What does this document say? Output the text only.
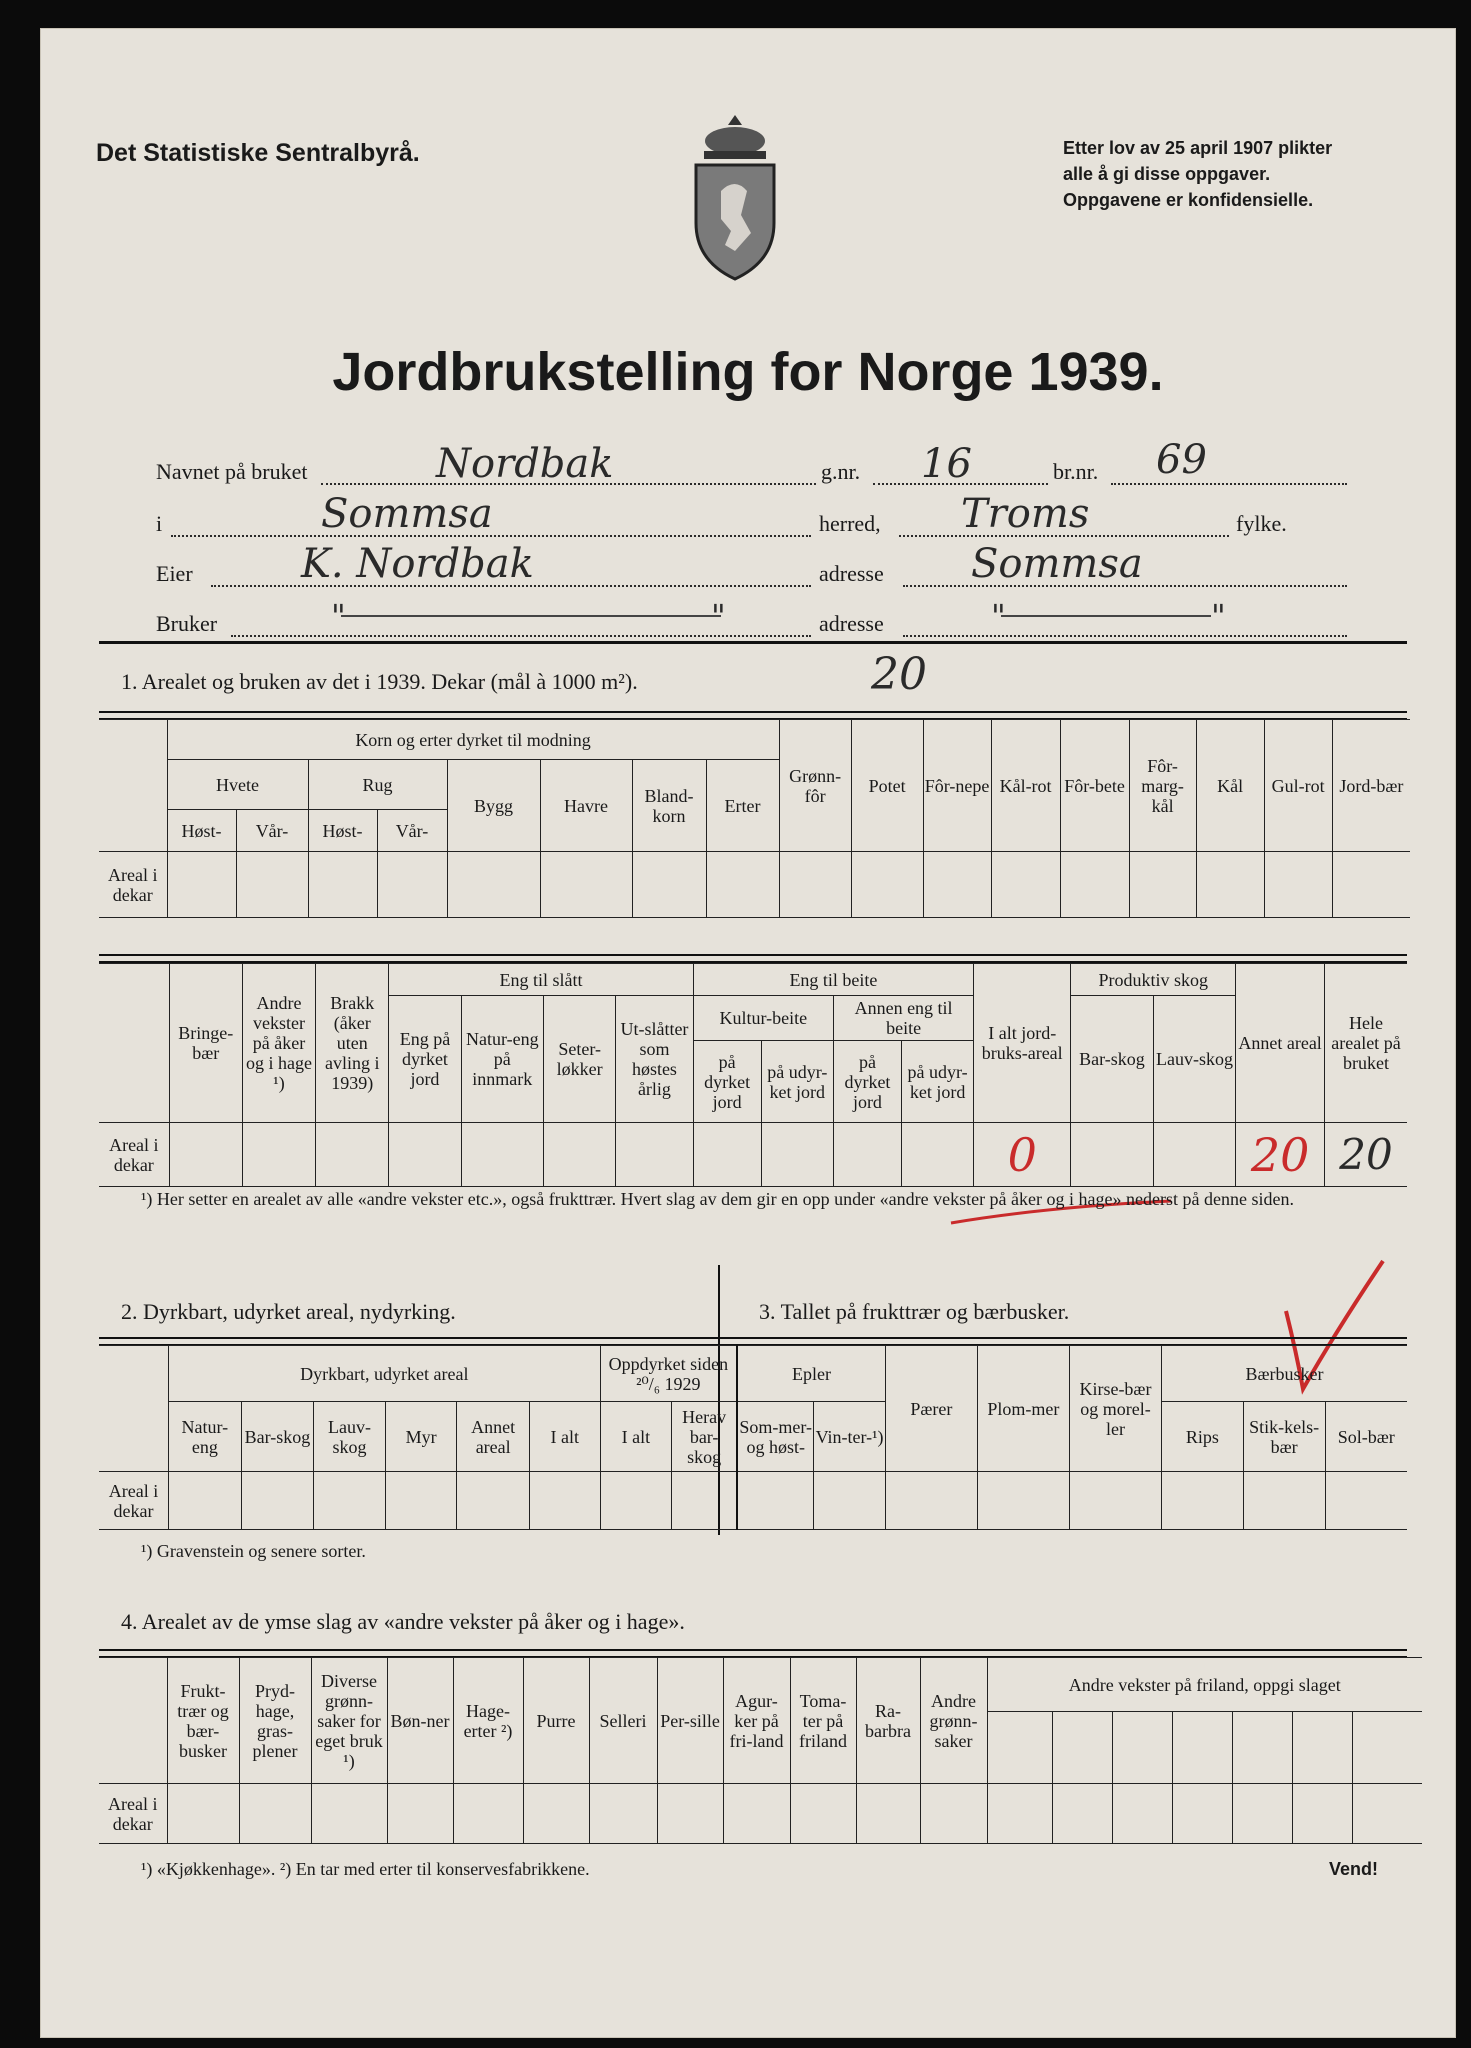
Det Statistiske Sentralbyrå.	Etter lov av 25 april 1907 plikter
alle å gi disse oppgaver.
Oppgavene er konfidensielle.
Jordbrukstelling for Norge 1939.
Navnet på bruket	Nordbak	g.nr. 16	br.nr. 69
i	Sommsa	herred, Troms	fylke.
Eier	K. Nordbak	adresse Sommsa
Bruker	"	"	adresse	"	"
1. Arealet og bruken av det i 1939. Dekar (mål à 1000 m²).	20
	Korn og erter dyrket til modning								Grønn-fôr	Potet	Fôr-nepe	Kål-rot	Fôr-bete	Fôr-marg-kål	Kål	Gul-rot	Jord-bær
	Hvete		Rug		Bygg	Havre	Bland-korn	Erter									
	Høst-	Vår-	Høst-	Vår-													
Areal i dekar																	
	Bringe-bær	Andre vekster på åker og i hage ¹)	Brakk (åker uten avling i 1939)	Eng til slått				Eng til beite				I alt jord-bruks-areal	Produktiv skog		Annet areal	Hele arealet på bruket
				Eng på dyrket jord	Natur-eng på innmark	Seter-løkker	Ut-slåtter som høstes årlig	Kultur-beite		Annen eng til beite			Bar-skog	Lauv-skog		
								på dyrket jord	på udyr-ket jord	på dyrket jord	på udyr-ket jord					
Areal i dekar												0			20	20
¹) Her setter en arealet av alle «andre vekster etc.», også frukttrær. Hvert slag av dem gir en opp under «andre vekster på åker og i hage» nederst på denne siden.
2. Dyrkbart, udyrket areal, nydyrking.	3. Tallet på frukttrær og bærbusker.
	Dyrkbart, udyrket areal						Oppdyrket siden ²⁰/₆ 1929		Epler		Pærer	Plom-mer	Kirse-bær og morel-ler	Bærbusker		
	Natur-eng	Bar-skog	Lauv-skog	Myr	Annet areal	I alt	I alt	Herav bar-skog	Som-mer-og høst-	Vin-ter-¹)				Rips	Stik-kels-bær	Sol-bær
Areal i dekar																
¹) Gravenstein og senere sorter.
4. Arealet av de ymse slag av «andre vekster på åker og i hage».
	Frukt-trær og bær-busker	Pryd-hage, gras-plener	Diverse grønn-saker for eget bruk ¹)	Bøn-ner	Hage-erter ²)	Purre	Selleri	Per-sille	Agur-ker på fri-land	Toma-ter på friland	Ra-barbra	Andre grønn-saker	Andre vekster på friland, oppgi slaget						

Areal i dekar																			
¹) «Kjøkkenhage». ²) En tar med erter til konservesfabrikkene.	Vend!
